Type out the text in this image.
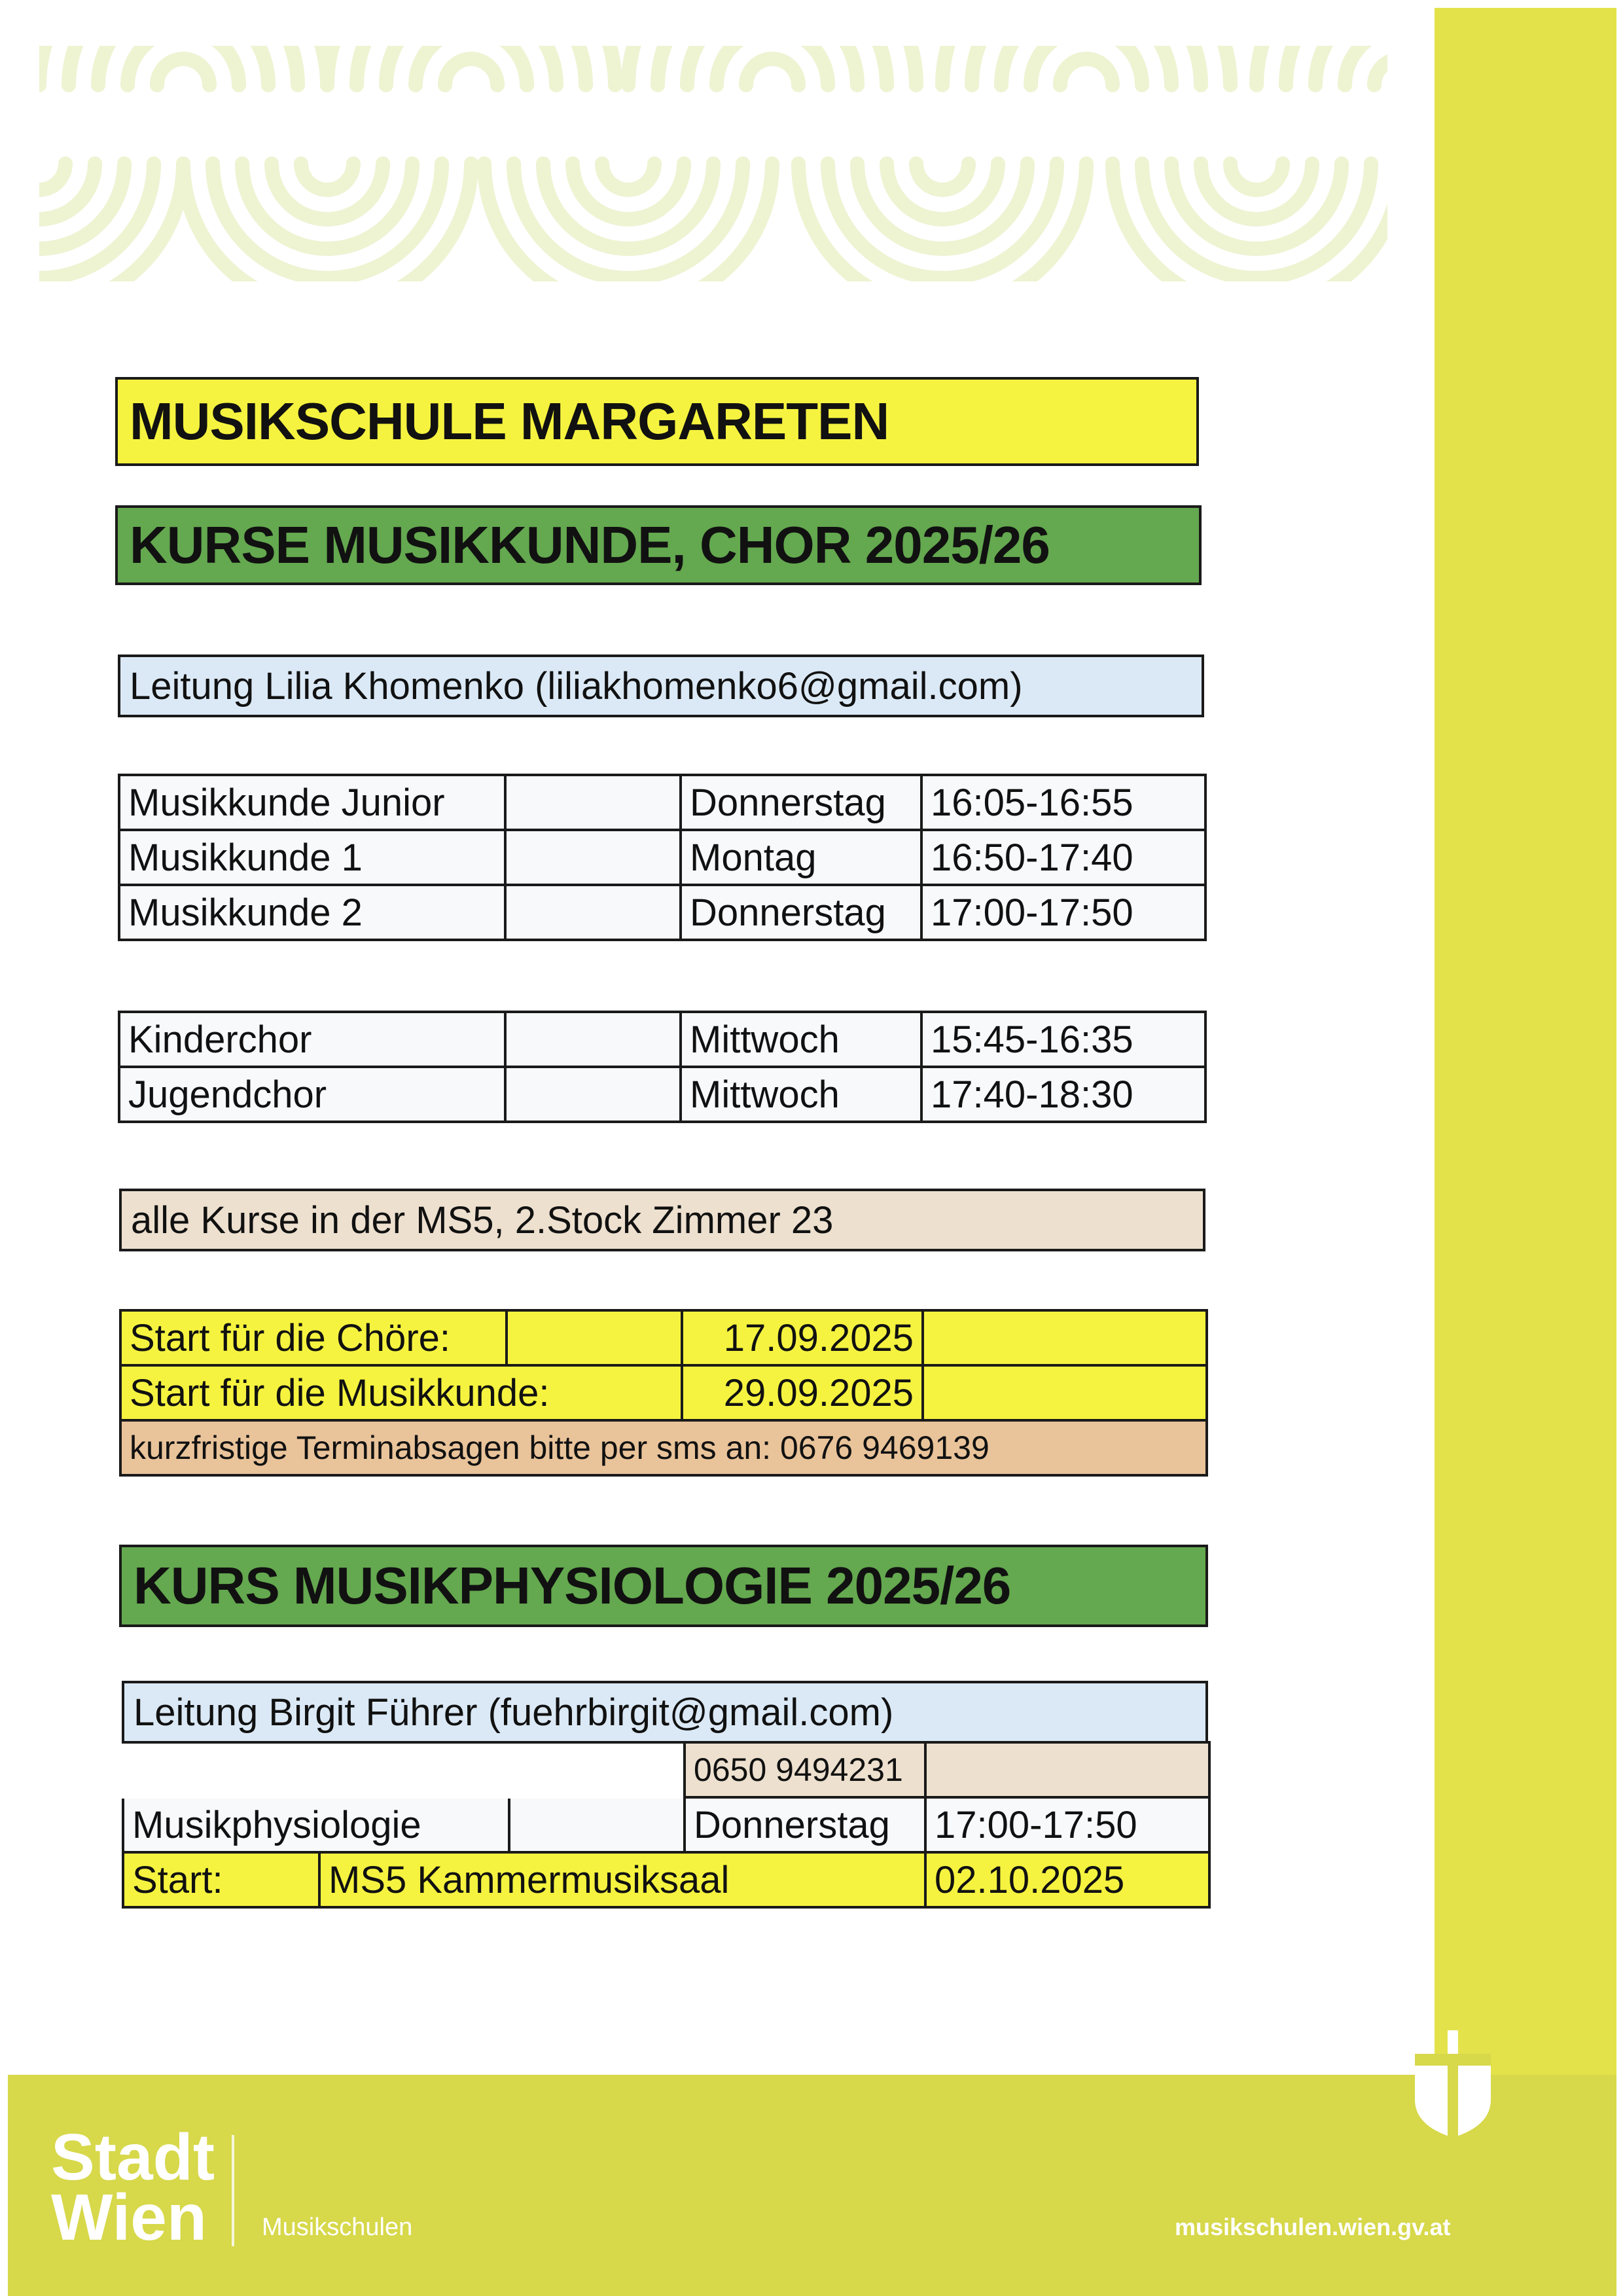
MUSIKSCHULE MARGARETEN
KURSE MUSIKKUNDE, CHOR 2025/26
Leitung Lilia Khomenko (liliakhomenko6@gmail.com)
Musikkunde Junior		Donnerstag	16:05-16:55
Musikkunde 1		Montag	16:50-17:40
Musikkunde 2		Donnerstag	17:00-17:50
Kinderchor		Mittwoch	15:45-16:35
Jugendchor		Mittwoch	17:40-18:30
alle Kurse in der MS5, 2.Stock Zimmer 23
Start für die Chöre:		17.09.2025	
Start für die Musikkunde:		29.09.2025	
kurzfristige Terminabsagen bitte per sms an: 0676 9469139			
KURS MUSIKPHYSIOLOGIE 2025/26
Leitung Birgit Führer (fuehrbirgit@gmail.com)
			0650 9494231	
Musikphysiologie			Donnerstag	17:00-17:50
Start:	MS5 Kammermusiksaal			02.10.2025
Stadt
Wien	Musikschulen	musikschulen.wien.gv.at
